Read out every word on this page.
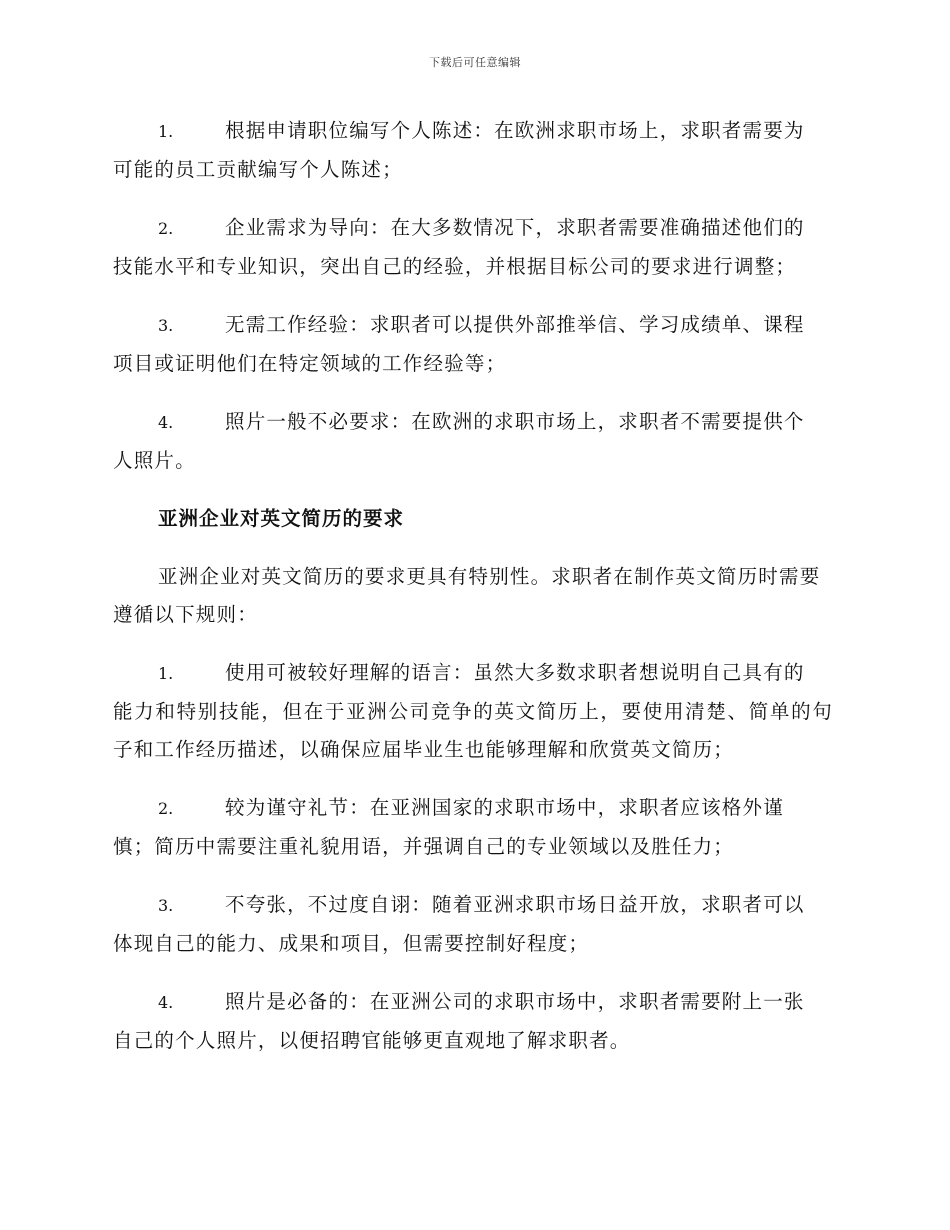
下载后可任意编辑
1.	根据申请职位编写个人陈述：在欧洲求职市场上，求职者需要为
可能的员工贡献编写个人陈述；
2.	企业需求为导向：在大多数情况下，求职者需要准确描述他们的
技能水平和专业知识，突出自己的经验，并根据目标公司的要求进行调整；
3.	无需工作经验：求职者可以提供外部推举信、学习成绩单、课程
项目或证明他们在特定领域的工作经验等；
4.	照片一般不必要求：在欧洲的求职市场上，求职者不需要提供个
人照片。
亚洲企业对英文简历的要求
亚洲企业对英文简历的要求更具有特别性。求职者在制作英文简历时需要遵循以下规则：
1.	使用可被较好理解的语言：虽然大多数求职者想说明自己具有的
能力和特别技能，但在于亚洲公司竞争的英文简历上，要使用清楚、简单的句子和工作经历描述，以确保应届毕业生也能够理解和欣赏英文简历；
2.	较为谨守礼节：在亚洲国家的求职市场中，求职者应该格外谨
慎；简历中需要注重礼貌用语，并强调自己的专业领域以及胜任力；
3.	不夸张，不过度自诩：随着亚洲求职市场日益开放，求职者可以
体现自己的能力、成果和项目，但需要控制好程度；
4.	照片是必备的：在亚洲公司的求职市场中，求职者需要附上一张
自己的个人照片，以便招聘官能够更直观地了解求职者。
